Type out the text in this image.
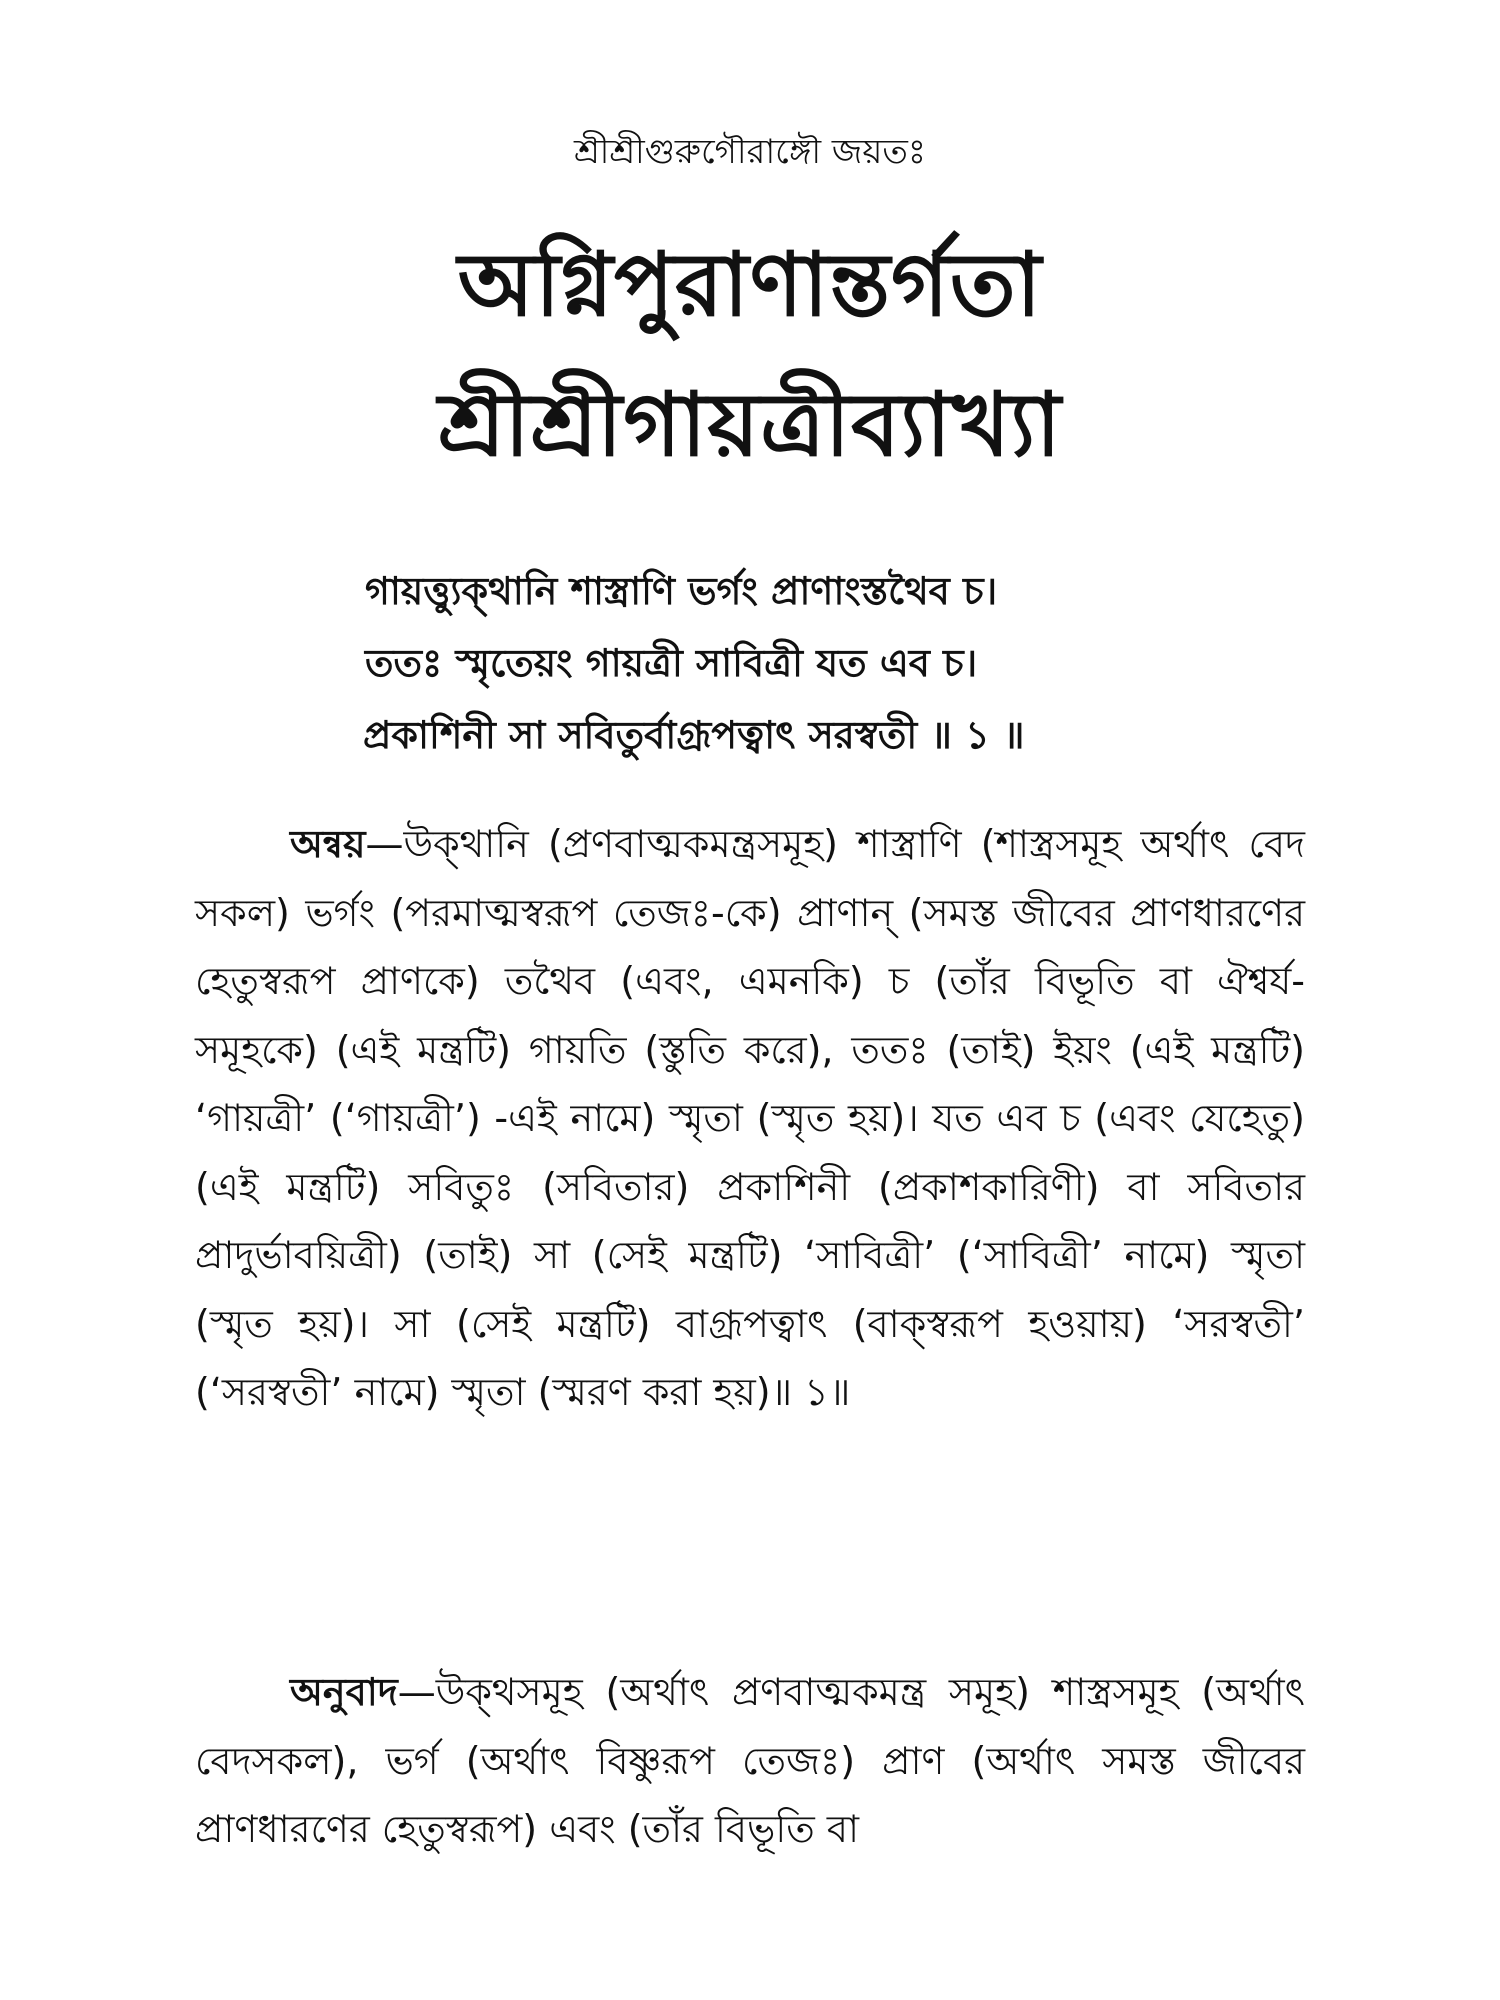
শ্রীশ্রীগুরুগৌরাঙ্গৌ জয়তঃ
অগ্নিপুরাণান্তর্গতা
শ্রীশ্রীগায়ত্রীব্যাখ্যা
গায়ত্ত্যুক্থানি শাস্ত্রাণি ভর্গং প্রাণাংস্তথৈব চ।
ততঃ স্মৃতেয়ং গায়ত্রী সাবিত্রী যত এব চ।
প্রকাশিনী সা সবিতুর্বাগ্রূপত্বাৎ সরস্বতী ॥ ১ ॥
অন্বয়—উক্‌থানি (প্রণবাত্মকমন্ত্রসমূহ) শাস্ত্রাণি (শাস্ত্রসমূহ অর্থাৎ বেদ সকল) ভর্গং (পরমাত্মস্বরূপ তেজঃ-কে) প্রাণান্ (সমস্ত জীবের প্রাণধারণের হেতুস্বরূপ প্রাণকে) তথৈব (এবং, এমনকি) চ (তাঁর বিভূতি বা ঐশ্বর্য-সমূহকে) (এই মন্ত্রটি) গায়তি (স্তুতি করে), ততঃ (তাই) ইয়ং (এই মন্ত্রটি) ‘গায়ত্রী’ (‘গায়ত্রী’) -এই নামে) স্মৃতা (স্মৃত হয়)। যত এব চ (এবং যেহেতু) (এই মন্ত্রটি) সবিতুঃ (সবিতার) প্রকাশিনী (প্রকাশকারিণী) বা সবিতার প্রাদুর্ভাবয়িত্রী) (তাই) সা (সেই মন্ত্রটি) ‘সাবিত্রী’ (‘সাবিত্রী’ নামে) স্মৃতা (স্মৃত হয়)। সা (সেই মন্ত্রটি) বাগ্রূপত্বাৎ (বাক্‌স্বরূপ হওয়ায়) ‘সরস্বতী’ (‘সরস্বতী’ নামে) স্মৃতা (স্মরণ করা হয়)॥ ১॥
অনুবাদ—উক্‌থসমূহ (অর্থাৎ প্রণবাত্মকমন্ত্র সমূহ) শাস্ত্রসমূহ (অর্থাৎ বেদসকল), ভর্গ (অর্থাৎ বিষ্ণুরূপ তেজঃ) প্রাণ (অর্থাৎ সমস্ত জীবের প্রাণধারণের হেতুস্বরূপ) এবং (তাঁর বিভূতি বা
